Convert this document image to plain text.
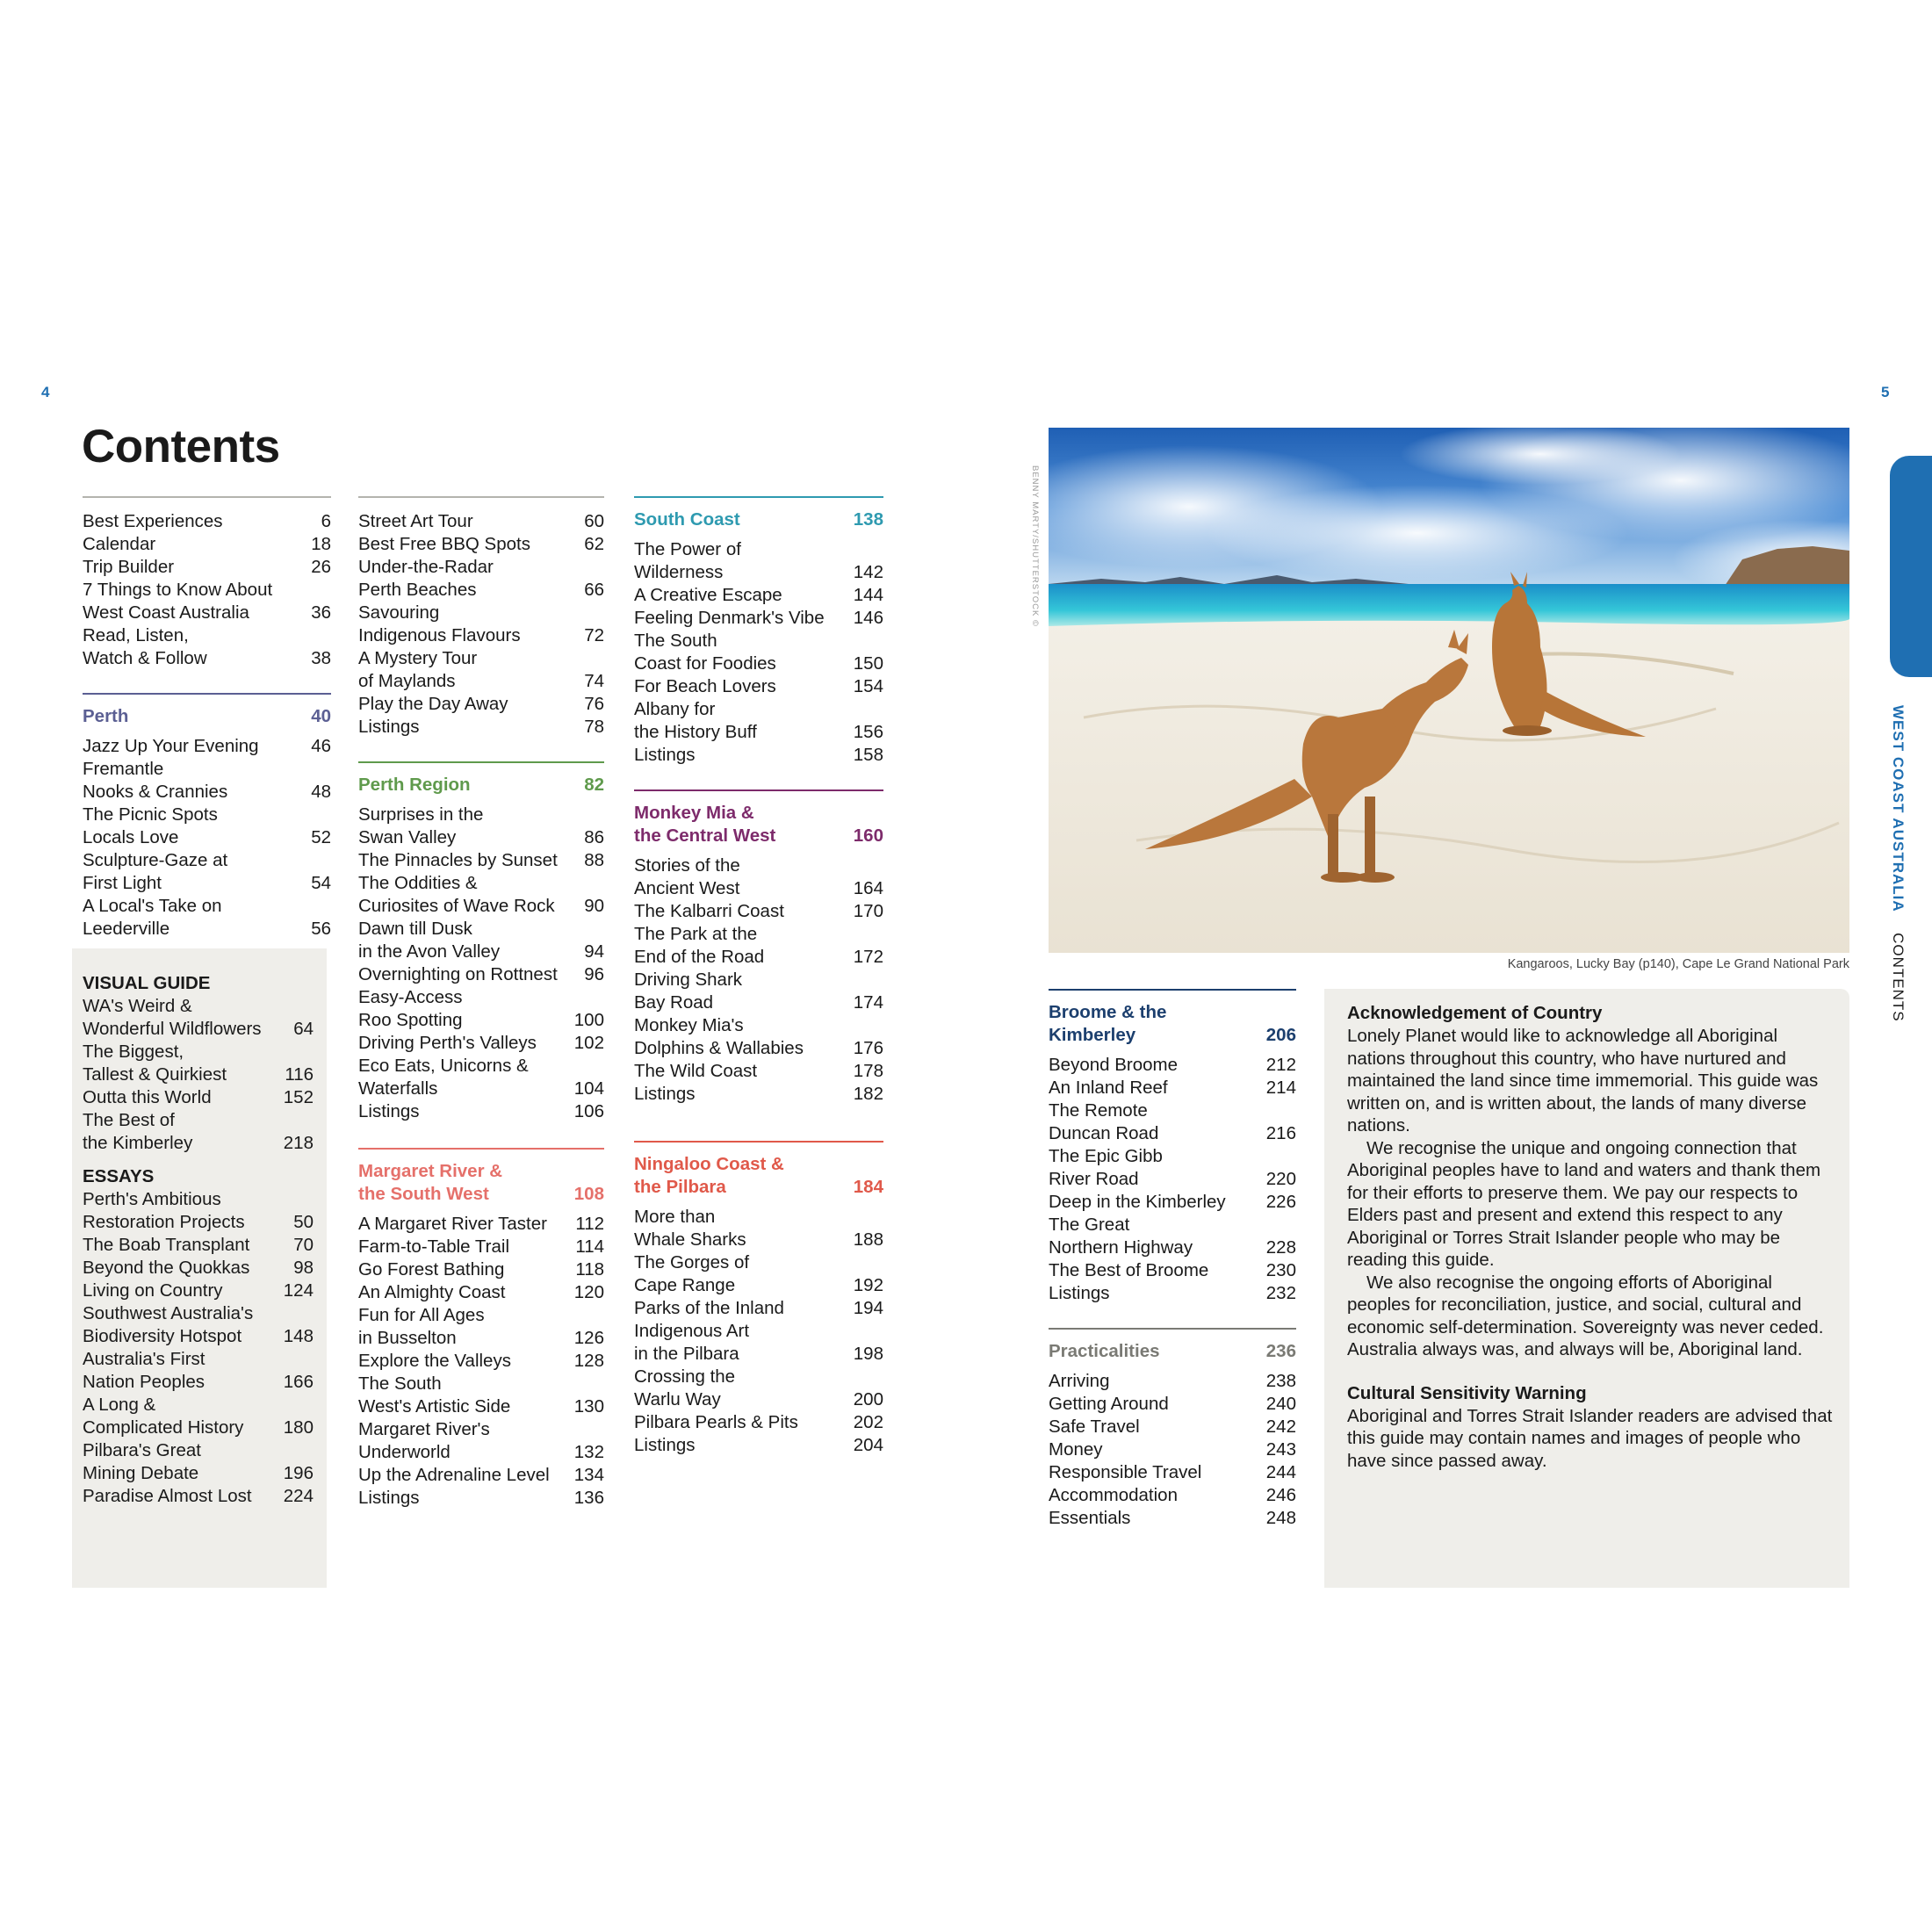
4	5
Contents
Best Experiences	6
Calendar	18
Trip Builder	26
7 Things to Know About
West Coast Australia	36
Read, Listen,
Watch & Follow	38
Perth	40
Jazz Up Your Evening	46
Fremantle
Nooks & Crannies	48
The Picnic Spots
Locals Love	52
Sculpture-Gaze at
First Light	54
A Local's Take on
Leederville	56
VISUAL GUIDE
WA's Weird &
Wonderful Wildflowers 64
The Biggest,
Tallest & Quirkiest	116
Outta this World	152
The Best of
the Kimberley	218
ESSAYS
Perth's Ambitious
Restoration Projects	50
The Boab Transplant 70
Beyond the Quokkas 98
Living on Country	124
Southwest Australia's
Biodiversity Hotspot 148
Australia's First
Nation Peoples	166
A Long &
Complicated History 180
Pilbara's Great
Mining Debate	196
Paradise Almost Lost 224
Street Art Tour	60
Best Free BBQ Spots	62
Under-the-Radar
Perth Beaches	66
Savouring
Indigenous Flavours	72
A Mystery Tour
of Maylands	74
Play the Day Away	76
Listings	78
Perth Region	82
Surprises in the
Swan Valley	86
The Pinnacles by Sunset 88
The Oddities &
Curiosites of Wave Rock 90
Dawn till Dusk
in the Avon Valley	94
Overnighting on Rottnest 96
Easy-Access
Roo Spotting	100
Driving Perth's Valleys 102
Eco Eats, Unicorns &
Waterfalls	104
Listings	106
Margaret River &
the South West	108
A Margaret River Taster 112
Farm-to-Table Trail	114
Go Forest Bathing	118
An Almighty Coast	120
Fun for All Ages
in Busselton	126
Explore the Valleys	128
The South
West's Artistic Side	130
Margaret River's
Underworld	132
Up the Adrenaline Level 134
Listings	136
South Coast	138
The Power of
Wilderness	142
A Creative Escape	144
Feeling Denmark's Vibe 146
The South
Coast for Foodies	150
For Beach Lovers	154
Albany for
the History Buff	156
Listings	158
Monkey Mia &
the Central West	160
Stories of the
Ancient West	164
The Kalbarri Coast	170
The Park at the
End of the Road	172
Driving Shark
Bay Road	174
Monkey Mia's
Dolphins & Wallabies	176
The Wild Coast	178
Listings	182
Ningaloo Coast &
the Pilbara	184
More than
Whale Sharks	188
The Gorges of
Cape Range	192
Parks of the Inland	194
Indigenous Art
in the Pilbara	198
Crossing the
Warlu Way	200
Pilbara Pearls & Pits	202
Listings	204
Broome & the Kimberley	206
Beyond Broome	212
An Inland Reef	214
The Remote
Duncan Road	216
The Epic Gibb
River Road	220
Deep in the Kimberley 226
The Great
Northern Highway	228
The Best of Broome	230
Listings	232
Practicalities	236
Arriving	238
Getting Around	240
Safe Travel	242
Money	243
Responsible Travel	244
Accommodation	246
Essentials	248
BENNY MARTY/SHUTTERSTOCK ©
Kangaroos, Lucky Bay (p140), Cape Le Grand National Park
Acknowledgement of Country

Lonely Planet would like to acknowledge all Aboriginal nations throughout this country, who have nurtured and maintained the land since time immemorial. This guide was written on, and is written about, the lands of many diverse nations.

We recognise the unique and ongoing connection that Aboriginal peoples have to land and waters and thank them for their efforts to preserve them. We pay our respects to Elders past and present and extend this respect to any Aboriginal or Torres Strait Islander people who may be reading this guide.

We also recognise the ongoing efforts of Aboriginal peoples for reconciliation, justice, and social, cultural and economic self-determination. Sovereignty was never ceded. Australia always was, and always will be, Aboriginal land.

Cultural Sensitivity Warning

Aboriginal and Torres Strait Islander readers are advised that this guide may contain names and images of people who have since passed away.

WEST COAST AUSTRALIA  CONTENTS
